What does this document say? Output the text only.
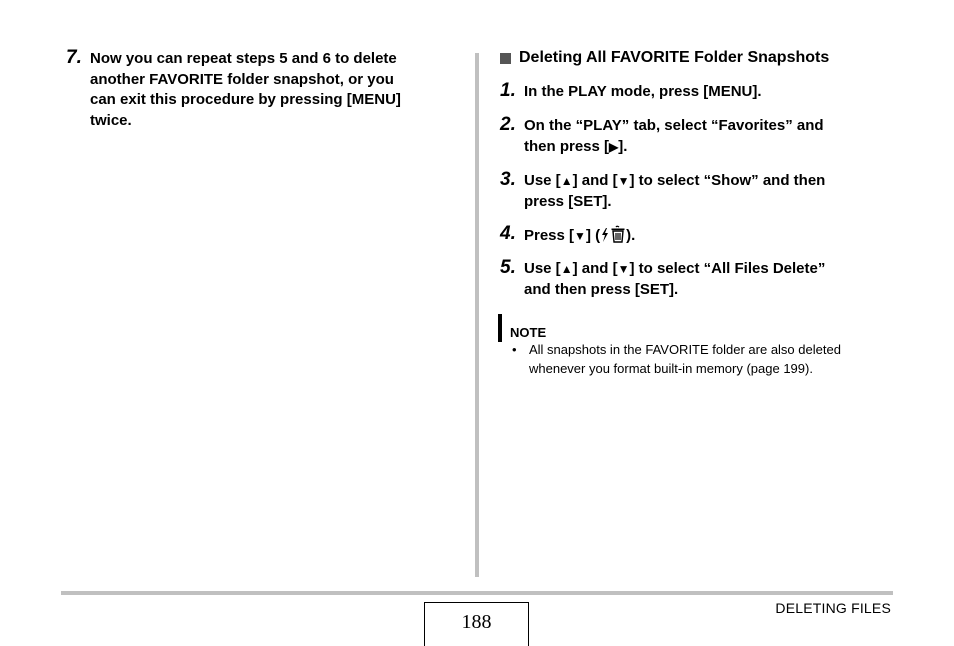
7. Now you can repeat steps 5 and 6 to delete
another FAVORITE folder snapshot, or you
can exit this procedure by pressing [MENU]
twice.
Deleting All FAVORITE Folder Snapshots
1. In the PLAY mode, press [MENU].
2. On the “PLAY” tab, select “Favorites” and
then press [▶].
3. Use [▲] and [▼] to select “Show” and then
press [SET].
4. Press [▼] ( ).
5. Use [▲] and [▼] to select “All Files Delete”
and then press [SET].
NOTE
• All snapshots in the FAVORITE folder are also deleted
whenever you format built-in memory (page 199).
188
DELETING FILES
